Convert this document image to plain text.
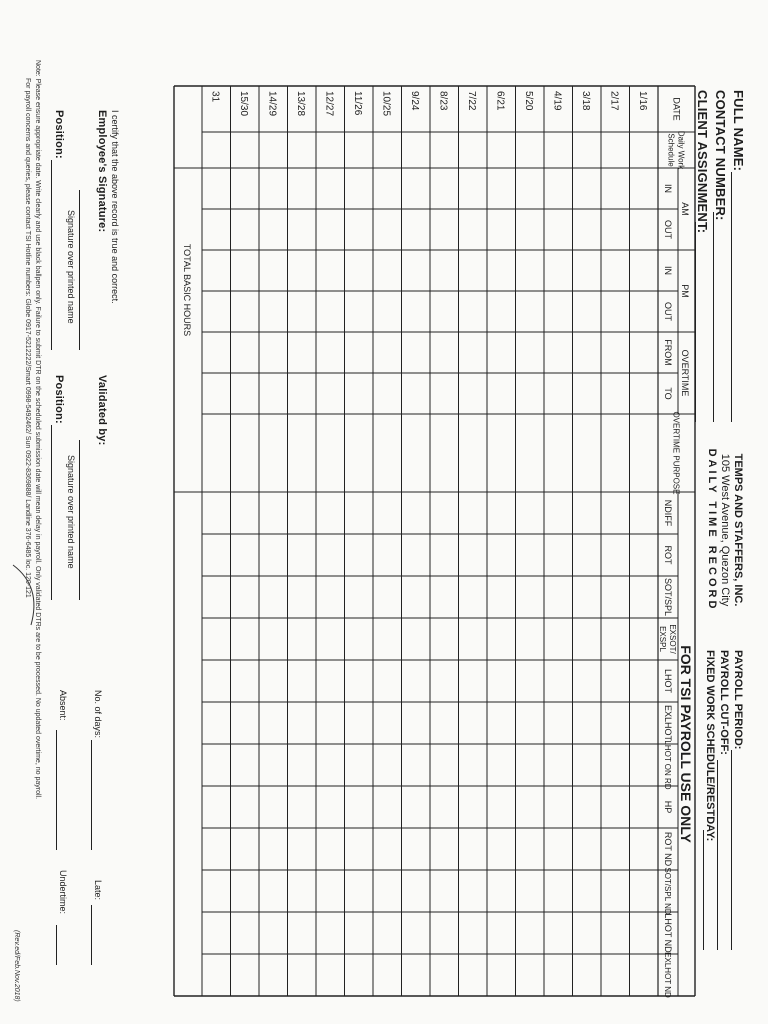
FULL NAME:
CONTACT NUMBER:
CLIENT ASSIGNMENT:
TEMPS AND STAFFERS, INC.
105 West Avenue, Quezon City
DAILY TIME RECORD
PAYROLL PERIOD:
PAYROLL CUT-OFF:
FIXED WORK SCHEDULE/RESTDAY:
AM
PM
OVERTIME
FOR TSI PAYROLL USE ONLY
DATE
Daily Work
Schedule
IN
OUT
IN
OUT
FROM
TO
OVERTIME PURPOSE
NDIFF
ROT
SOT/SPL
EXSOT/
EXSPL
LHOT
EXLHOT
LHOT ON RD
HP
ROT ND
SOT/SPL ND
LHOT ND
EXLHOT ND
1/16
2/17
3/18
4/19
5/20
6/21
7/22
8/23
9/24
10/25
11/26
12/27
13/28
14/29
15/30
31
TOTAL BASIC HOURS
I certify that the above record is true and correct.
Employee's Signature:
Signature over printed name
Position:
Validated by:
Signature over printed name
Position:
No. of days:
Late:
Absent:
Undertime:
Note: Please ensure appropriate date. Write clearly and use black ballpen only. Failure to submit DTR on the scheduled submission date will mean delay in payroll. Only validated DTRs are to be processed. No updated overtime, no payroll.
For payroll concerns and queries, please contact TSI Hotline numbers: Globe 0917-5212222/Smart 0998-5492462/ Sun 0922-8369888/ Landline 376-6485 loc. 120-121
(Rev.ed/Feb.Nov.2018)
